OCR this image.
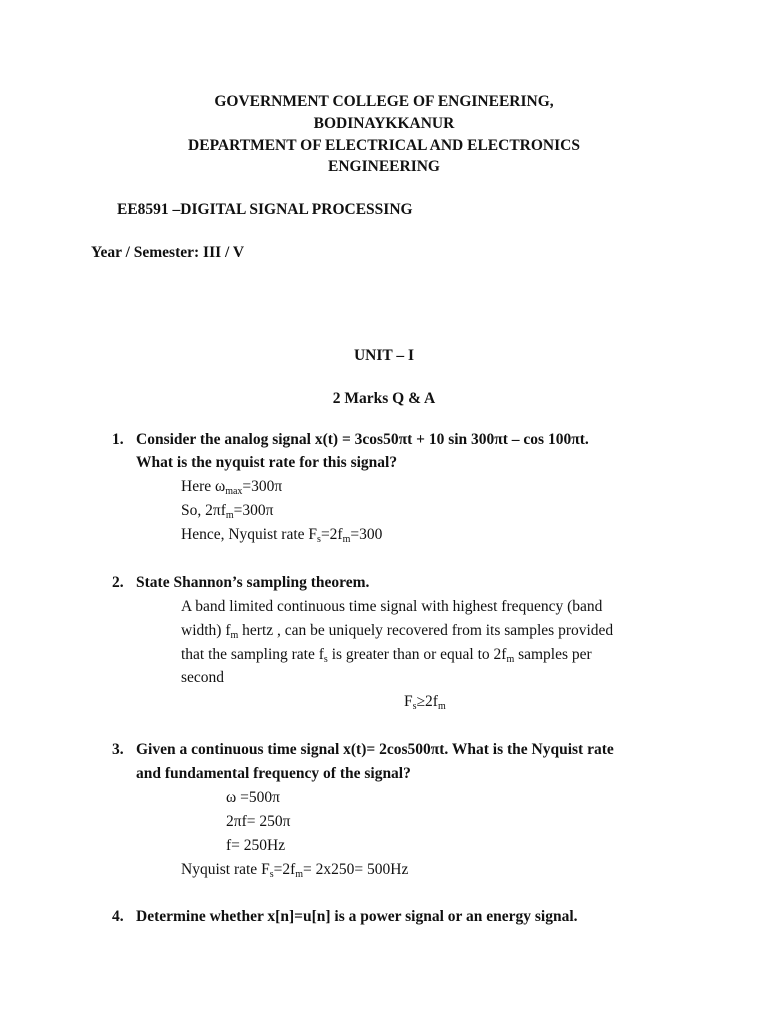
GOVERNMENT COLLEGE OF ENGINEERING,
BODINAYKKANUR
DEPARTMENT OF ELECTRICAL AND ELECTRONICS
ENGINEERING
EE8591 –DIGITAL SIGNAL PROCESSING
Year / Semester: III / V
UNIT – I
2 Marks Q & A
1. Consider the analog signal x(t) = 3cos50πt + 10 sin 300πt – cos 100πt.
What is the nyquist rate for this signal?
Here $\omega_{max}=300\pi$
So, $2\pi f_m=300\pi$
Hence, Nyquist rate $F_s=2f_m=300$
2. State Shannon’s sampling theorem.
A band limited continuous time signal with highest frequency (band
width) $f_m$ hertz , can be uniquely recovered from its samples provided
that the sampling rate $f_s$ is greater than or equal to $2f_m$ samples per
second
$F_s\ge 2f_m$
3. Given a continuous time signal x(t)= 2cos500πt. What is the Nyquist rate
and fundamental frequency of the signal?
ω =500π
2πf= 250π
f= 250Hz
Nyquist rate $F_s=2f_m= 2x250= 500Hz$
4. Determine whether x[n]=u[n] is a power signal or an energy signal.
